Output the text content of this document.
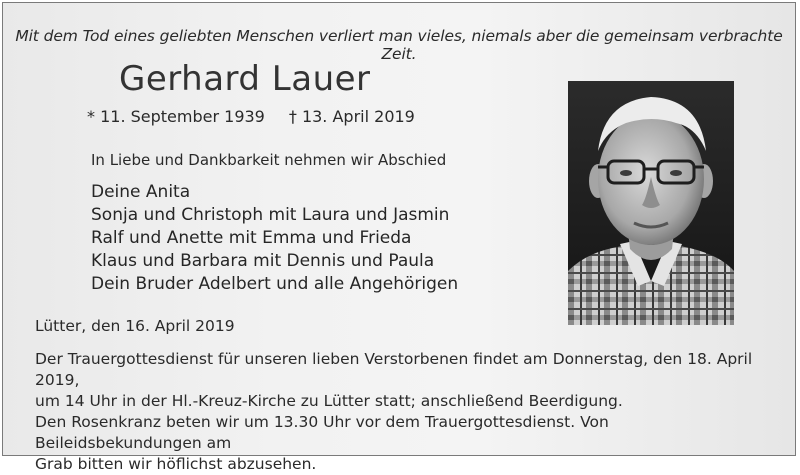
Mit dem Tod eines geliebten Menschen verliert man vieles, niemals aber die gemeinsam verbrachte Zeit.
Gerhard Lauer
* 11. September 1939 † 13. April 2019
In Liebe und Dankbarkeit nehmen wir Abschied
Deine Anita
Sonja und Christoph mit Laura und Jasmin
Ralf und Anette mit Emma und Frieda
Klaus und Barbara mit Dennis und Paula
Dein Bruder Adelbert und alle Angehörigen
Lütter, den 16. April 2019

Der Trauergottesdienst für unseren lieben Verstorbenen findet am Donnerstag, den 18. April 2019,
um 14 Uhr in der Hl.-Kreuz-Kirche zu Lütter statt; anschließend Beerdigung.
Den Rosenkranz beten wir um 13.30 Uhr vor dem Trauergottesdienst. Von Beileidsbekundungen am
Grab bitten wir höflichst abzusehen.
